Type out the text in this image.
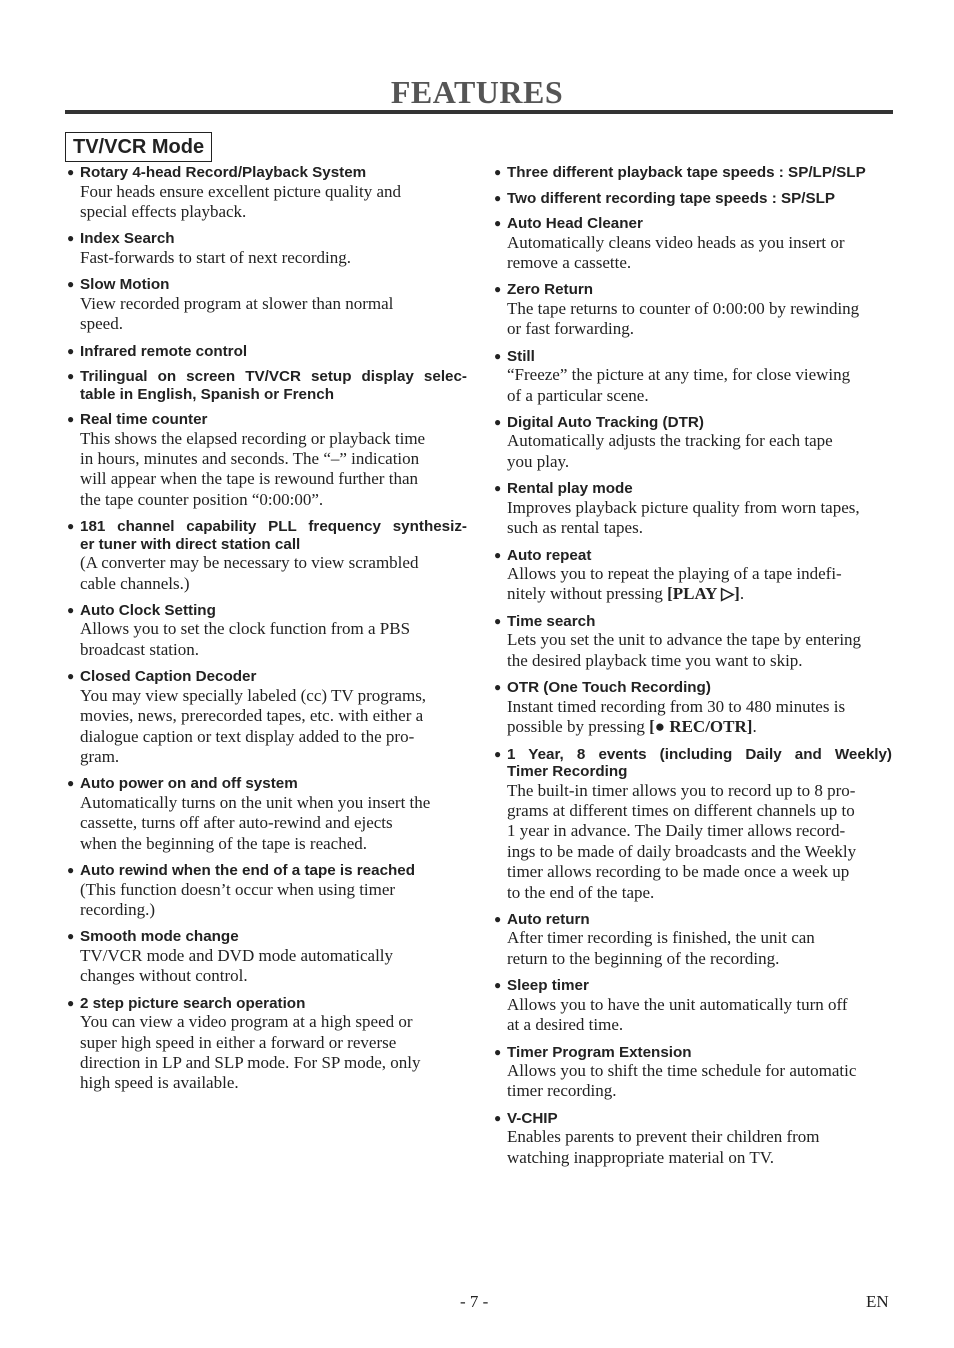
FEATURES
TV/VCR Mode
● Rotary 4-head Record/Playback System
Four heads ensure excellent picture quality and
special effects playback.
● Index Search
Fast-forwards to start of next recording.
● Slow Motion
View recorded program at slower than normal
speed.
● Infrared remote control
● Trilingual on screen TV/VCR setup display selec-
table in English, Spanish or French
● Real time counter
This shows the elapsed recording or playback time
in hours, minutes and seconds. The “–” indication
will appear when the tape is rewound further than
the tape counter position “0:00:00”.
● 181 channel capability PLL frequency synthesiz-
er tuner with direct station call
(A converter may be necessary to view scrambled
cable channels.)
● Auto Clock Setting
Allows you to set the clock function from a PBS
broadcast station.
● Closed Caption Decoder
You may view specially labeled (cc) TV programs,
movies, news, prerecorded tapes, etc. with either a
dialogue caption or text display added to the pro-
gram.
● Auto power on and off system
Automatically turns on the unit when you insert the
cassette, turns off after auto-rewind and ejects
when the beginning of the tape is reached.
● Auto rewind when the end of a tape is reached
(This function doesn’t occur when using timer
recording.)
● Smooth mode change
TV/VCR mode and DVD mode automatically
changes without control.
● 2 step picture search operation
You can view a video program at a high speed or
super high speed in either a forward or reverse
direction in LP and SLP mode. For SP mode, only
high speed is available.
● Three different playback tape speeds : SP/LP/SLP
● Two different recording tape speeds : SP/SLP
● Auto Head Cleaner
Automatically cleans video heads as you insert or
remove a cassette.
● Zero Return
The tape returns to counter of 0:00:00 by rewinding
or fast forwarding.
● Still
“Freeze” the picture at any time, for close viewing
of a particular scene.
● Digital Auto Tracking (DTR)
Automatically adjusts the tracking for each tape
you play.
● Rental play mode
Improves playback picture quality from worn tapes,
such as rental tapes.
● Auto repeat
Allows you to repeat the playing of a tape indefi-
nitely without pressing [PLAY ▷].
● Time search
Lets you set the unit to advance the tape by entering
the desired playback time you want to skip.
● OTR (One Touch Recording)
Instant timed recording from 30 to 480 minutes is
possible by pressing [● REC/OTR].
● 1 Year, 8 events (including Daily and Weekly)
Timer Recording
The built-in timer allows you to record up to 8 pro-
grams at different times on different channels up to
1 year in advance. The Daily timer allows record-
ings to be made of daily broadcasts and the Weekly
timer allows recording to be made once a week up
to the end of the tape.
● Auto return
After timer recording is finished, the unit can
return to the beginning of the recording.
● Sleep timer
Allows you to have the unit automatically turn off
at a desired time.
● Timer Program Extension
Allows you to shift the time schedule for automatic
timer recording.
● V-CHIP
Enables parents to prevent their children from
watching inappropriate material on TV.
- 7 -	EN
